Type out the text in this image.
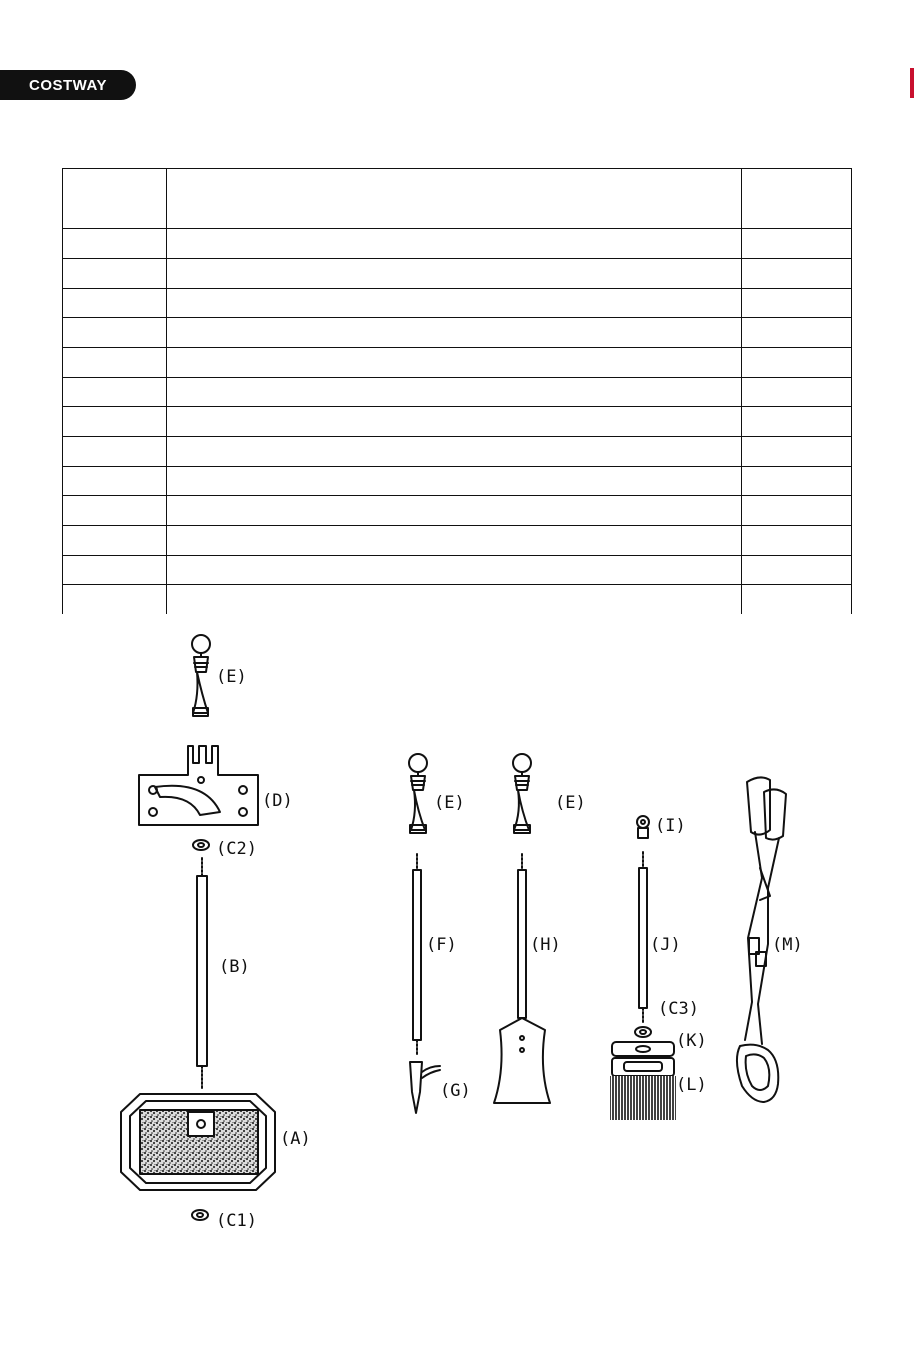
COSTWAY

(E)
(D)
(C2)
(B)
(A)
(C1)
(E)	(E)
(F)	(H)
(G)
(I)
(J)
(C3)
(K)
(L)
(M)
